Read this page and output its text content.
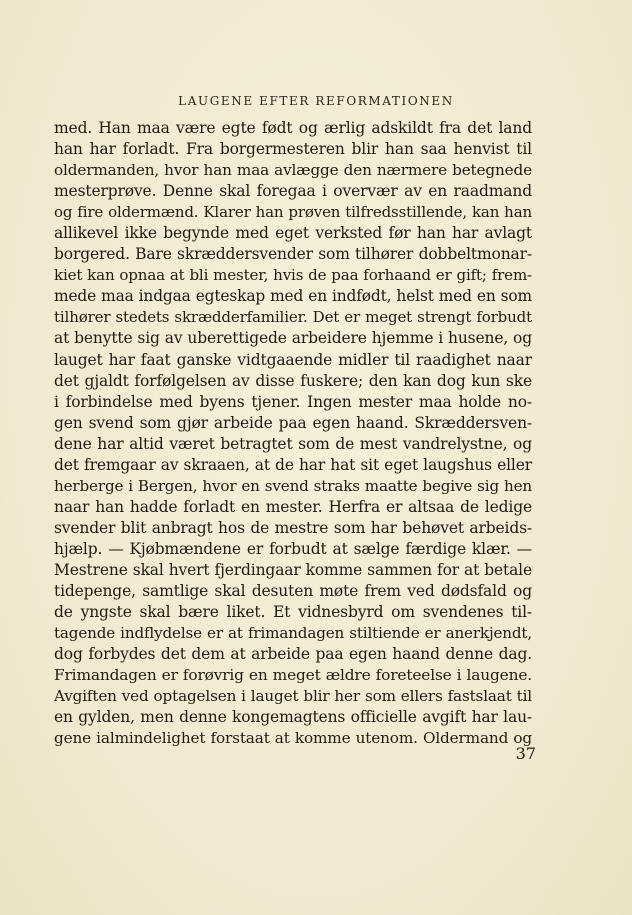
LAUGENE EFTER REFORMATIONEN
med. Han maa være egte født og ærlig adskildt fra det land
han har forladt. Fra borgermesteren blir han saa henvist til
oldermanden, hvor han maa avlægge den nærmere betegnede
mesterprøve. Denne skal foregaa i overvær av en raadmand
og fire oldermænd. Klarer han prøven tilfredsstillende, kan han
allikevel ikke begynde med eget verksted før han har avlagt
borgered. Bare skræddersvender som tilhører dobbeltmonar-
kiet kan opnaa at bli mester, hvis de paa forhaand er gift; frem-
mede maa indgaa egteskap med en indfødt, helst med en som
tilhører stedets skrædderfamilier. Det er meget strengt forbudt
at benytte sig av uberettigede arbeidere hjemme i husene, og
lauget har faat ganske vidtgaaende midler til raadighet naar
det gjaldt forfølgelsen av disse fuskere; den kan dog kun ske
i forbindelse med byens tjener. Ingen mester maa holde no-
gen svend som gjør arbeide paa egen haand. Skræddersven-
dene har altid været betragtet som de mest vandrelystne, og
det fremgaar av skraaen, at de har hat sit eget laugshus eller
herberge i Bergen, hvor en svend straks maatte begive sig hen
naar han hadde forladt en mester. Herfra er altsaa de ledige
svender blit anbragt hos de mestre som har behøvet arbeids-
hjælp. — Kjøbmændene er forbudt at sælge færdige klær. —
Mestrene skal hvert fjerdingaar komme sammen for at betale
tidepenge, samtlige skal desuten møte frem ved dødsfald og
de yngste skal bære liket. Et vidnesbyrd om svendenes til-
tagende indflydelse er at frimandagen stiltiende er anerkjendt,
dog forbydes det dem at arbeide paa egen haand denne dag.
Frimandagen er forøvrig en meget ældre foreteelse i laugene.
Avgiften ved optagelsen i lauget blir her som ellers fastslaat til
en gylden, men denne kongemagtens officielle avgift har lau-
gene ialmindelighet forstaat at komme utenom. Oldermand og
37
